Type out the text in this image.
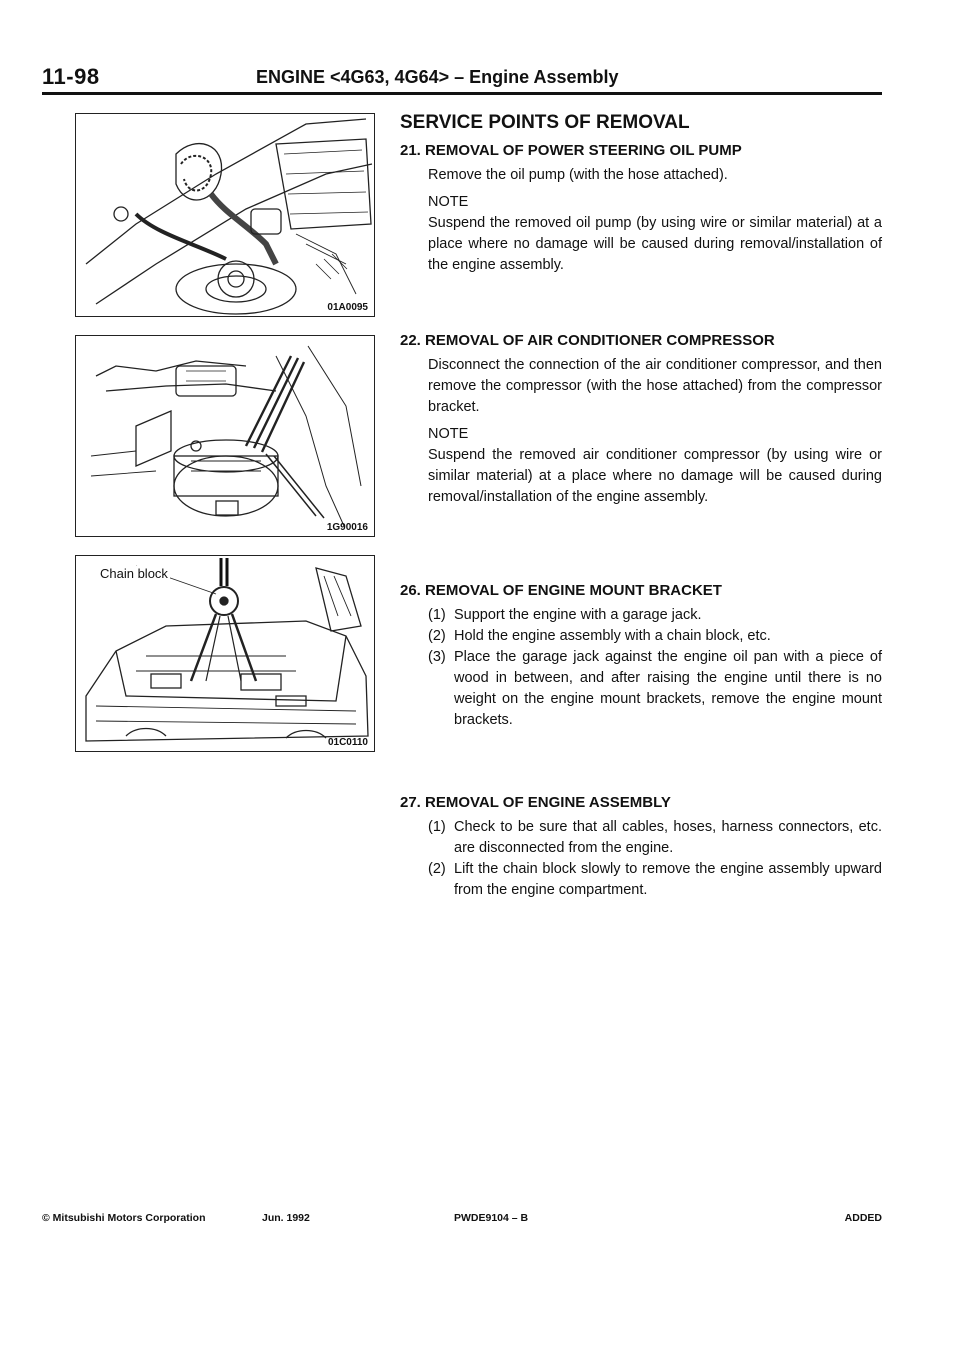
11-98	ENGINE <4G63, 4G64> – Engine Assembly
01A0095
1G90016
Chain block
01C0110
SERVICE POINTS OF REMOVAL
21. REMOVAL OF POWER STEERING OIL PUMP

Remove the oil pump (with the hose attached).

NOTE

Suspend the removed oil pump (by using wire or similar material) at a place where no damage will be caused during removal/installation of the engine assembly.

22. REMOVAL OF AIR CONDITIONER COMPRESSOR

Disconnect the connection of the air conditioner compressor, and then remove the compressor (with the hose attached) from the compressor bracket.

NOTE

Suspend the removed air conditioner compressor (by using wire or similar material) at a place where no damage will be caused during removal/installation of the engine assembly.

26. REMOVAL OF ENGINE MOUNT BRACKET
(1) Support the engine with a garage jack.
(2) Hold the engine assembly with a chain block, etc.
(3) Place the garage jack against the engine oil pan with a piece of wood in between, and after raising the engine until there is no weight on the engine mount brackets, remove the engine mount brackets.
27. REMOVAL OF ENGINE ASSEMBLY
(1) Check to be sure that all cables, hoses, harness connectors, etc. are disconnected from the engine.
(2) Lift the chain block slowly to remove the engine assembly upward from the engine compartment.
© Mitsubishi Motors Corporation	Jun. 1992	PWDE9104 – B	ADDED
